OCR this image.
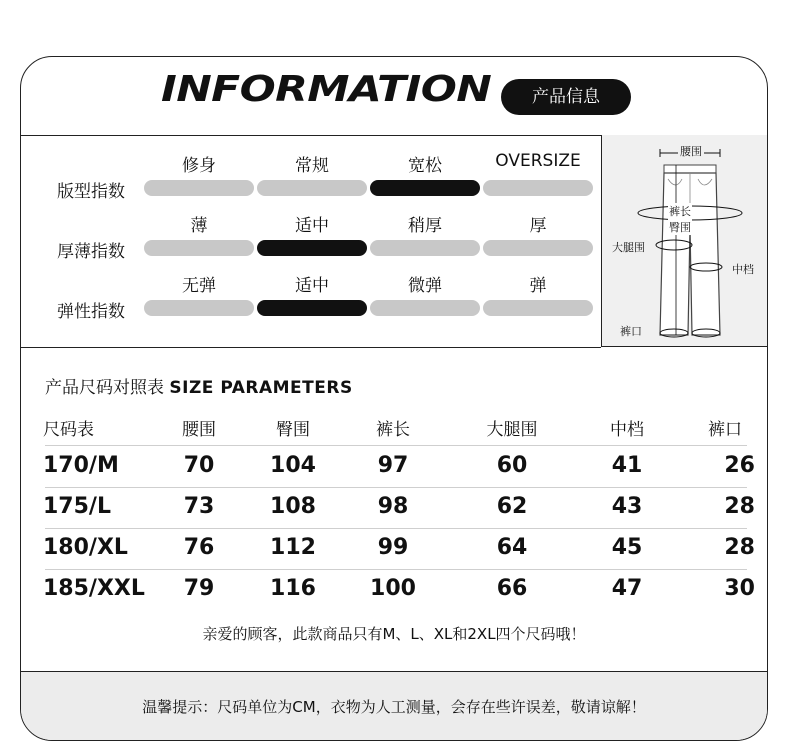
INFORMATION	产品信息
版型指数
修身	常规	宽松	OVERSIZE
厚薄指数
薄	适中	稍厚	厚
弹性指数
无弹	适中	微弹	弹
腰围
裤长
臀围
大腿围
中档
裤口
产品尺码对照表 SIZE PARAMETERS
尺码表	腰围	臀围	裤长	大腿围	中档	裤口
170/M	70	104	97	60	41	26
175/L	73	108	98	62	43	28
180/XL	76	112	99	64	45	28
185/XXL	79	116	100	66	47	30
亲爱的顾客，此款商品只有M、L、XL和2XL四个尺码哦！
温馨提示：尺码单位为CM，衣物为人工测量，会存在些许误差，敬请谅解！
